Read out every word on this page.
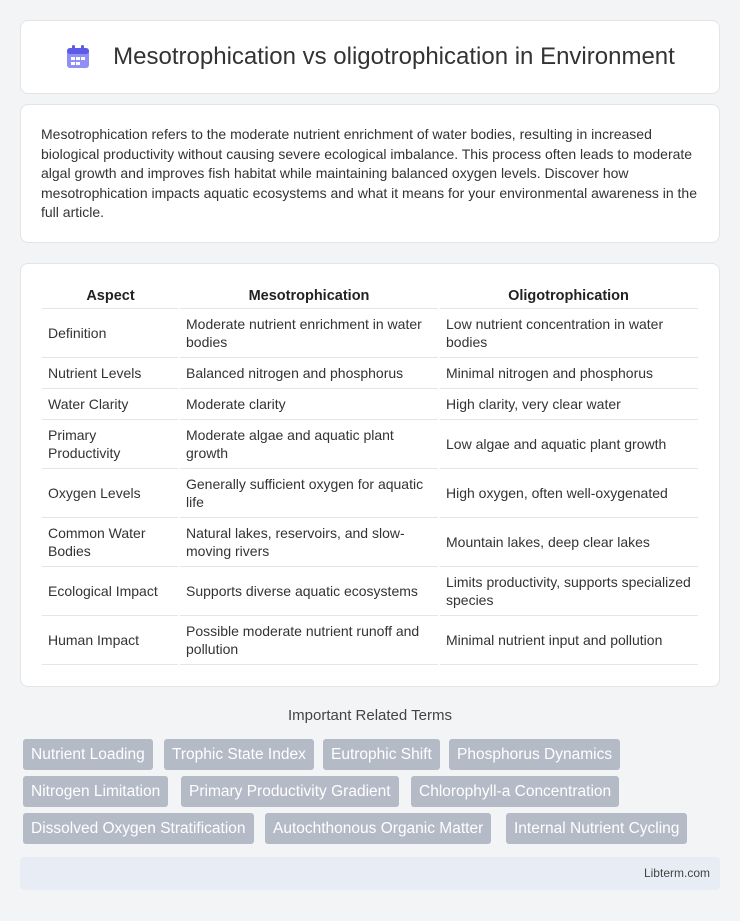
Mesotrophication vs oligotrophication in Environment

Mesotrophication refers to the moderate nutrient enrichment of water bodies, resulting in increased biological productivity without causing severe ecological imbalance. This process often leads to moderate algal growth and improves fish habitat while maintaining balanced oxygen levels. Discover how mesotrophication impacts aquatic ecosystems and what it means for your environmental awareness in the full article.

Aspect	Mesotrophication	Oligotrophication
Definition	Moderate nutrient enrichment in water bodies	Low nutrient concentration in water bodies
Nutrient Levels	Balanced nitrogen and phosphorus	Minimal nitrogen and phosphorus
Water Clarity	Moderate clarity	High clarity, very clear water
Primary Productivity	Moderate algae and aquatic plant growth	Low algae and aquatic plant growth
Oxygen Levels	Generally sufficient oxygen for aquatic life	High oxygen, often well-oxygenated
Common Water Bodies	Natural lakes, reservoirs, and slow-moving rivers	Mountain lakes, deep clear lakes
Ecological Impact	Supports diverse aquatic ecosystems	Limits productivity, supports specialized species
Human Impact	Possible moderate nutrient runoff and pollution	Minimal nutrient input and pollution
Important Related Terms
Nutrient Loading	Trophic State Index	Eutrophic Shift	Phosphorus Dynamics
Nitrogen Limitation	Primary Productivity Gradient	Chlorophyll-a Concentration
Dissolved Oxygen Stratification	Autochthonous Organic Matter	Internal Nutrient Cycling
Libterm.com
